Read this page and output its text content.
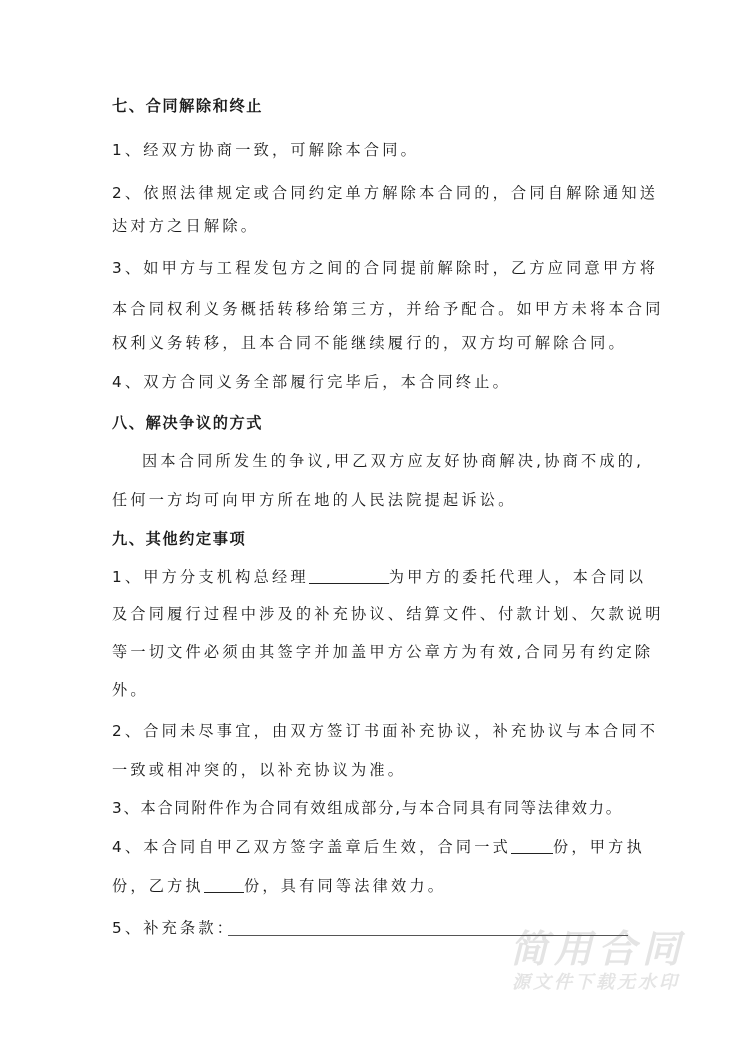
七、合同解除和终止
1、经双方协商一致，可解除本合同。
2、依照法律规定或合同约定单方解除本合同的，合同自解除通知送
达对方之日解除。
3、如甲方与工程发包方之间的合同提前解除时，乙方应同意甲方将
本合同权利义务概括转移给第三方，并给予配合。如甲方未将本合同
权利义务转移，且本合同不能继续履行的，双方均可解除合同。
4、双方合同义务全部履行完毕后，本合同终止。
八、解决争议的方式
因本合同所发生的争议,甲乙双方应友好协商解决,协商不成的,
任何一方均可向甲方所在地的人民法院提起诉讼。
九、其他约定事项
1、甲方分支机构总经理	为甲方的委托代理人，本合同以
及合同履行过程中涉及的补充协议、结算文件、付款计划、欠款说明
等一切文件必须由其签字并加盖甲方公章方为有效,合同另有约定除
外。
2、合同未尽事宜，由双方签订书面补充协议，补充协议与本合同不
一致或相冲突的，以补充协议为准。
3、本合同附件作为合同有效组成部分,与本合同具有同等法律效力。
4、本合同自甲乙双方签字盖章后生效，合同一式	份，甲方执
份，乙方执	份，具有同等法律效力。
5、补充条款：	简用合同
源文件下载无水印
